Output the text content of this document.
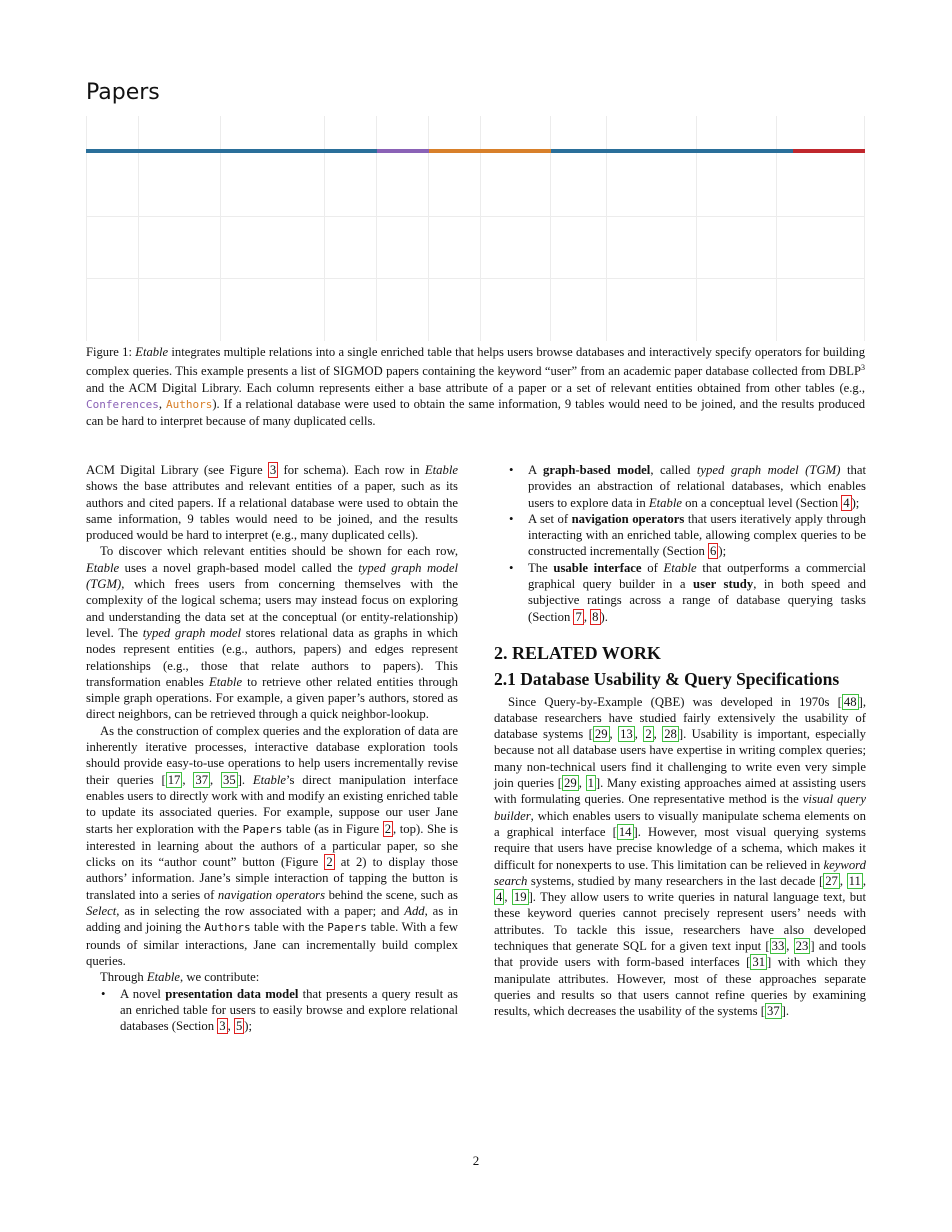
Papers
Figure 1: Etable integrates multiple relations into a single enriched table that helps users browse databases and interactively specify operators for building complex queries. This example presents a list of SIGMOD papers containing the keyword “user” from an academic paper database collected from DBLP$^3$ and the ACM Digital Library. Each column represents either a base attribute of a paper or a set of relevant entities obtained from other tables (e.g., Conferences, Authors). If a relational database were used to obtain the same information, 9 tables would need to be joined, and the results produced can be hard to interpret because of many duplicated cells.

ACM Digital Library (see Figure 3 for schema). Each row in Etable shows the base attributes and relevant entities of a paper, such as its authors and cited papers. If a relational database were used to obtain the same information, 9 tables would need to be joined, and the results produced would be hard to interpret (e.g., many duplicated cells).

To discover which relevant entities should be shown for each row, Etable uses a novel graph-based model called the typed graph model (TGM), which frees users from concerning themselves with the complexity of the logical schema; users may instead focus on exploring and understanding the data set at the conceptual (or entity-relationship) level. The typed graph model stores relational data as graphs in which nodes represent entities (e.g., authors, papers) and edges represent relationships (e.g., those that relate authors to papers). This transformation enables Etable to retrieve other related entities through simple graph operations. For example, a given paper’s authors, stored as direct neighbors, can be retrieved through a quick neighbor-lookup.

As the construction of complex queries and the exploration of data are inherently iterative processes, interactive database exploration tools should provide easy-to-use operations to help users incrementally revise their queries [ 17 , 37 , 35 ]. Etable’s direct manipulation interface enables users to directly work with and modify an existing enriched table to update its associated queries. For example, suppose our user Jane starts her exploration with the Papers table (as in Figure 2 , top). She is interested in learning about the authors of a particular paper, so she clicks on its “author count” button (Figure 2 at 2) to display those authors’ information. Jane’s simple interaction of tapping the button is translated into a series of navigation operators behind the scene, such as Select, as in selecting the row associated with a paper; and Add, as in adding and joining the Authors table with the Papers table. With a few rounds of similar interactions, Jane can incrementally build complex queries.

Through Etable, we contribute:

• A novel presentation data model that presents a query result as an enriched table for users to easily browse and explore relational databases (Section 3 , 5 );
• A graph-based model, called typed graph model (TGM) that provides an abstraction of relational databases, which enables users to explore data in Etable on a conceptual level (Section 4 );
• A set of navigation operators that users iteratively apply through interacting with an enriched table, allowing complex queries to be constructed incrementally (Section 6 );
• The usable interface of Etable that outperforms a commercial graphical query builder in a user study, in both speed and subjective ratings across a range of database querying tasks (Section 7 , 8 ).
2. RELATED WORK
2.1 Database Usability & Query Specifications

Since Query-by-Example (QBE) was developed in 1970s [ 48 ], database researchers have studied fairly extensively the usability of database systems [ 29 , 13 , 2 , 28 ]. Usability is important, especially because not all database users have expertise in writing complex queries; many non-technical users find it challenging to write even very simple join queries [ 29 , 1 ]. Many existing approaches aimed at assisting users with formulating queries. One representative method is the visual query builder, which enables users to visually manipulate schema elements on a graphical interface [ 14 ]. However, most visual querying systems require that users have precise knowledge of a schema, which makes it difficult for nonexperts to use. This limitation can be relieved in keyword search systems, studied by many researchers in the last decade [ 27 , 11 , 4 , 19 ]. They allow users to write queries in natural language text, but these keyword queries cannot precisely represent users’ needs with attributes. To tackle this issue, researchers have also developed techniques that generate SQL for a given text input [ 33 , 23 ] and tools that provide users with form-based interfaces [ 31 ] with which they manipulate attributes. However, most of these approaches separate queries and results so that users cannot refine queries by examining results, which decreases the usability of the systems [ 37 ].

2
